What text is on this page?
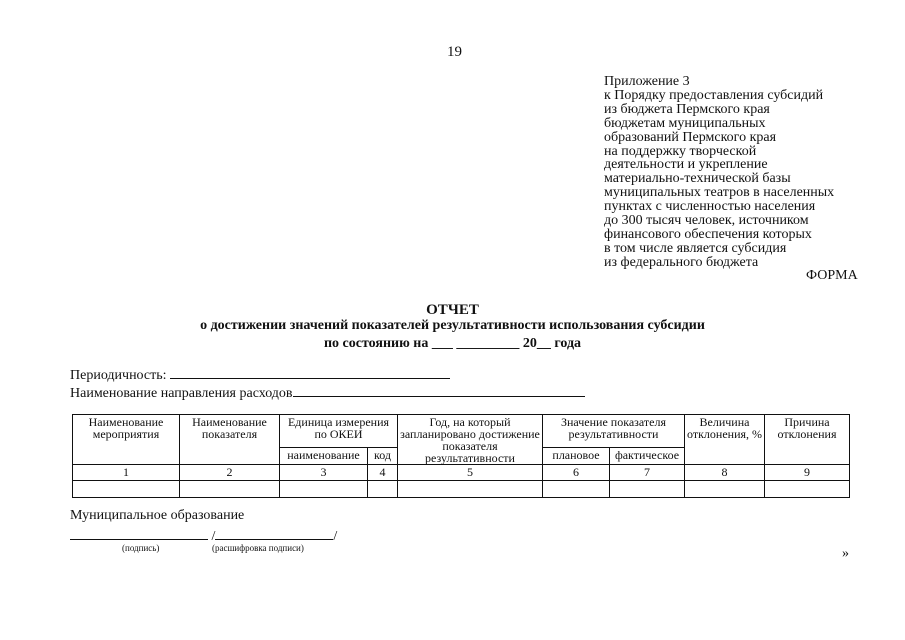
19
Приложение 3
к Порядку предоставления субсидий
из бюджета Пермского края
бюджетам муниципальных
образований Пермского края
на поддержку творческой
деятельности и укрепление
материально-технической базы
муниципальных театров в населенных
пунктах с численностью населения
до 300 тысяч человек, источником
финансового обеспечения которых
в том числе является субсидия
из федерального бюджета
ФОРМА
ОТЧЕТ
о достижении значений показателей результативности использования субсидии
по состоянию на ___ _________ 20__ года
Периодичность:
Наименование направления расходов
Наименование мероприятия	Наименование показателя	Единица измерения по ОКЕИ		Год, на который запланировано достижение показателя результативности	Значение показателя результативности		Величина отклонения, %	Причина отклонения
		наименование	код		плановое	фактическое		
1	2	3	4	5	6	7	8	9

Муниципальное образование
/	/
(подпись)	(расшифровка подписи)	»
